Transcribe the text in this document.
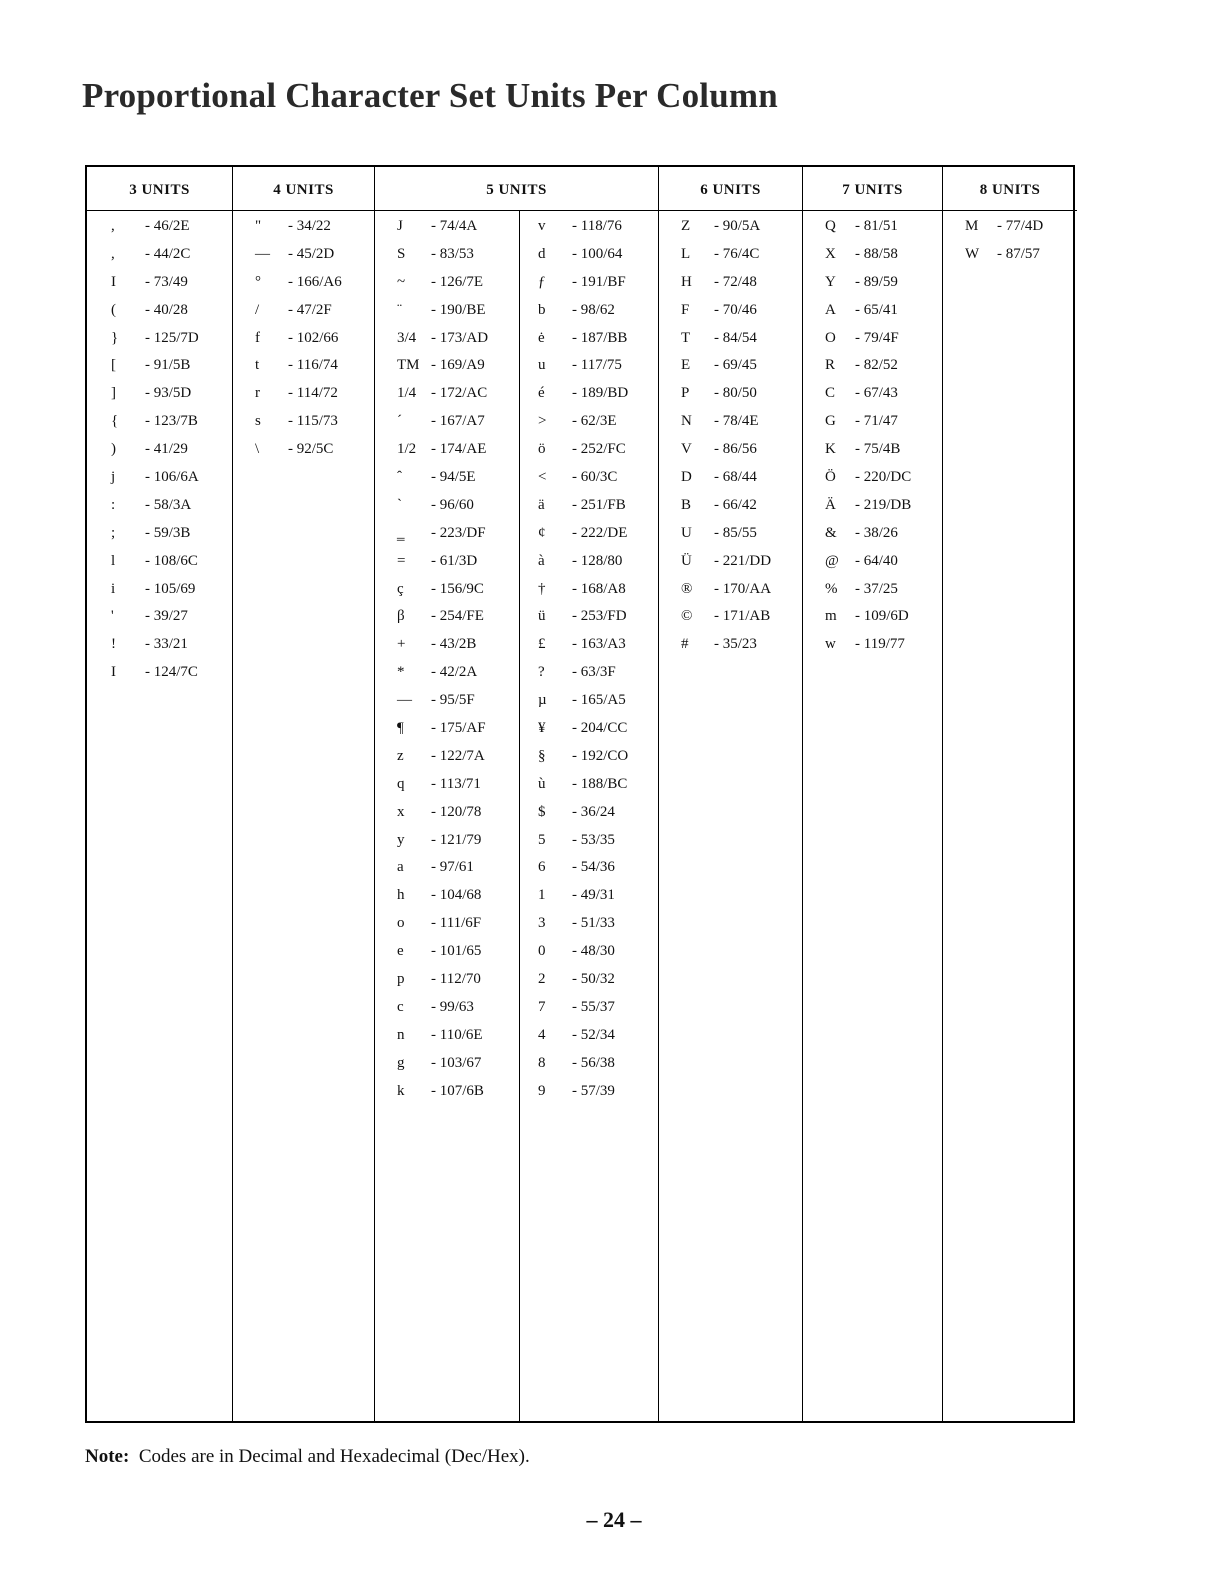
Proportional Character Set Units Per Column
3 UNITS
, - 46/2E
, - 44/2C
I - 73/49
( - 40/28
} - 125/7D
[ - 91/5B
] - 93/5D
{ - 123/7B
) - 41/29
j - 106/6A
: - 58/3A
; - 59/3B
l - 108/6C
i - 105/69
' - 39/27
! - 33/21
I - 124/7C
4 UNITS
" - 34/22
— - 45/2D
° - 166/A6
/ - 47/2F
f - 102/66
t - 116/74
r - 114/72
s - 115/73
\ - 92/5C
5 UNITS
J - 74/4A
S - 83/53
~ - 126/7E
¨ - 190/BE
3/4 - 173/AD
TM - 169/A9
1/4 - 172/AC
´ - 167/A7
1/2 - 174/AE
ˆ - 94/5E
` - 96/60
‗ - 223/DF
= - 61/3D
ç - 156/9C
β - 254/FE
+ - 43/2B
* - 42/2A
— - 95/5F
¶ - 175/AF
z - 122/7A
q - 113/71
x - 120/78
y - 121/79
a - 97/61
h - 104/68
o - 111/6F
e - 101/65
p - 112/70
c - 99/63
n - 110/6E
g - 103/67
k - 107/6B
v - 118/76
d - 100/64
ƒ - 191/BF
b - 98/62
ė - 187/BB
u - 117/75
é - 189/BD
> - 62/3E
ö - 252/FC
< - 60/3C
ä - 251/FB
¢ - 222/DE
à - 128/80
† - 168/A8
ü - 253/FD
£ - 163/A3
? - 63/3F
µ - 165/A5
¥ - 204/CC
§ - 192/CO
ù - 188/BC
$ - 36/24
5 - 53/35
6 - 54/36
1 - 49/31
3 - 51/33
0 - 48/30
2 - 50/32
7 - 55/37
4 - 52/34
8 - 56/38
9 - 57/39
6 UNITS
Z - 90/5A
L - 76/4C
H - 72/48
F - 70/46
T - 84/54
E - 69/45
P - 80/50
N - 78/4E
V - 86/56
D - 68/44
B - 66/42
U - 85/55
Ü - 221/DD
® - 170/AA
© - 171/AB
# - 35/23
7 UNITS
Q - 81/51
X - 88/58
Y - 89/59
A - 65/41
O - 79/4F
R - 82/52
C - 67/43
G - 71/47
K - 75/4B
Ö - 220/DC
Ä - 219/DB
& - 38/26
@ - 64/40
% - 37/25
m - 109/6D
w - 119/77
8 UNITS
M - 77/4D
W - 87/57

Note: Codes are in Decimal and Hexadecimal (Dec/Hex).

– 24 –
